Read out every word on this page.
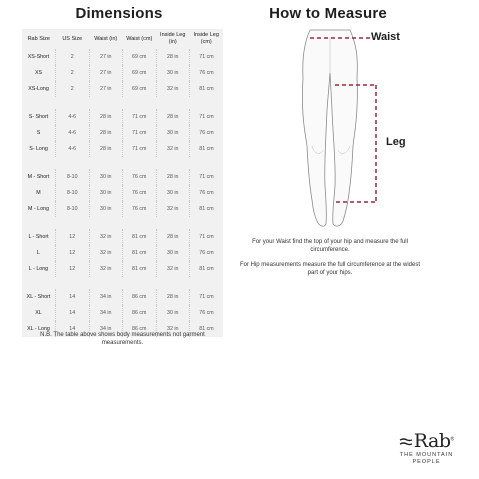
Dimensions	How to Measure
Rab Size	US Size	Waist (in)	Waist (cm)	Inside Leg (in)	Inside Leg (cm)
XS-Short	2	27 in	69 cm	28 in	71 cm
XS	2	27 in	69 cm	30 in	76 cm
XS-Long	2	27 in	69 cm	32 in	81 cm

S- Short	4-6	28 in	71 cm	28 in	71 cm
S	4-6	28 in	71 cm	30 in	76 cm
S- Long	4-6	28 in	71 cm	32 in	81 cm

M - Short	8-10	30 in	76 cm	28 in	71 cm
M	8-10	30 in	76 cm	30 in	76 cm
M - Long	8-10	30 in	76 cm	32 in	81 cm

L - Short	12	32 in	81 cm	28 in	71 cm
L	12	32 in	81 cm	30 in	76 cm
L - Long	12	32 in	81 cm	32 in	81 cm

XL - Short	14	34 in	86 cm	28 in	71 cm
XL	14	34 in	86 cm	30 in	76 cm
XL - Long	14	34 in	86 cm	32 in	81 cm
N.B. The table above shows body measurements not garment measurements.
Waist
Leg
For your Waist find the top of your hip and measure the full circumference.
For Hip measurements measure the full circumference at the widest part of your hips.
Rab®
THE MOUNTAIN PEOPLE
